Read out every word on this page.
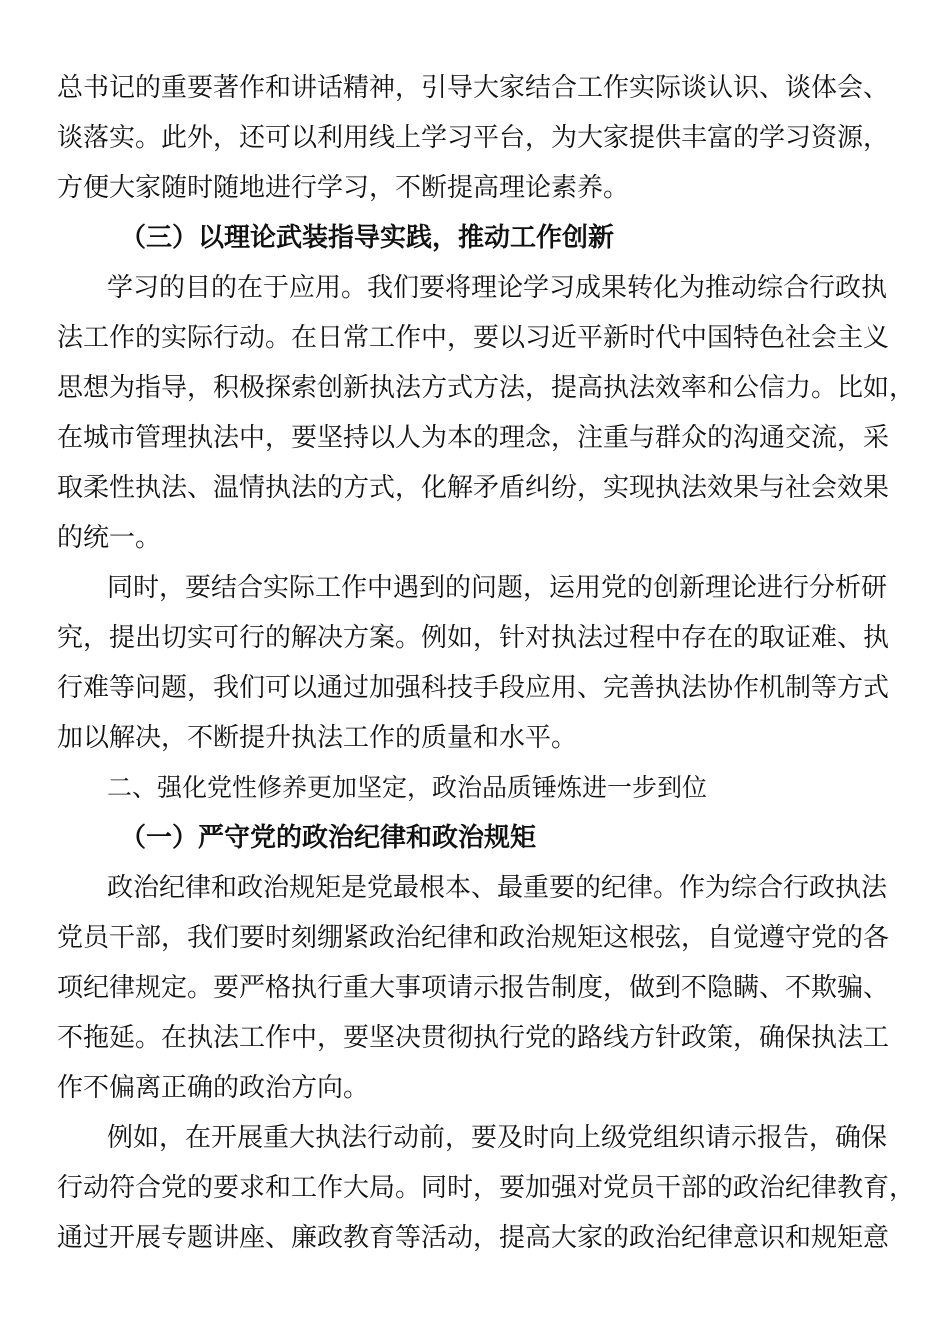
总书记的重要著作和讲话精神，引导大家结合工作实际谈认识、谈体会、
谈落实。此外，还可以利用线上学习平台，为大家提供丰富的学习资源，
方便大家随时随地进行学习，不断提高理论素养。
（三）以理论武装指导实践，推动工作创新
学习的目的在于应用。我们要将理论学习成果转化为推动综合行政执
法工作的实际行动。在日常工作中，要以习近平新时代中国特色社会主义
思想为指导，积极探索创新执法方式方法，提高执法效率和公信力。比如，
在城市管理执法中，要坚持以人为本的理念，注重与群众的沟通交流，采
取柔性执法、温情执法的方式，化解矛盾纠纷，实现执法效果与社会效果
的统一。
同时，要结合实际工作中遇到的问题，运用党的创新理论进行分析研
究，提出切实可行的解决方案。例如，针对执法过程中存在的取证难、执
行难等问题，我们可以通过加强科技手段应用、完善执法协作机制等方式
加以解决，不断提升执法工作的质量和水平。
二、强化党性修养更加坚定，政治品质锤炼进一步到位
（一）严守党的政治纪律和政治规矩
政治纪律和政治规矩是党最根本、最重要的纪律。作为综合行政执法
党员干部，我们要时刻绷紧政治纪律和政治规矩这根弦，自觉遵守党的各
项纪律规定。要严格执行重大事项请示报告制度，做到不隐瞒、不欺骗、
不拖延。在执法工作中，要坚决贯彻执行党的路线方针政策，确保执法工
作不偏离正确的政治方向。
例如，在开展重大执法行动前，要及时向上级党组织请示报告，确保
行动符合党的要求和工作大局。同时，要加强对党员干部的政治纪律教育，
通过开展专题讲座、廉政教育等活动，提高大家的政治纪律意识和规矩意
